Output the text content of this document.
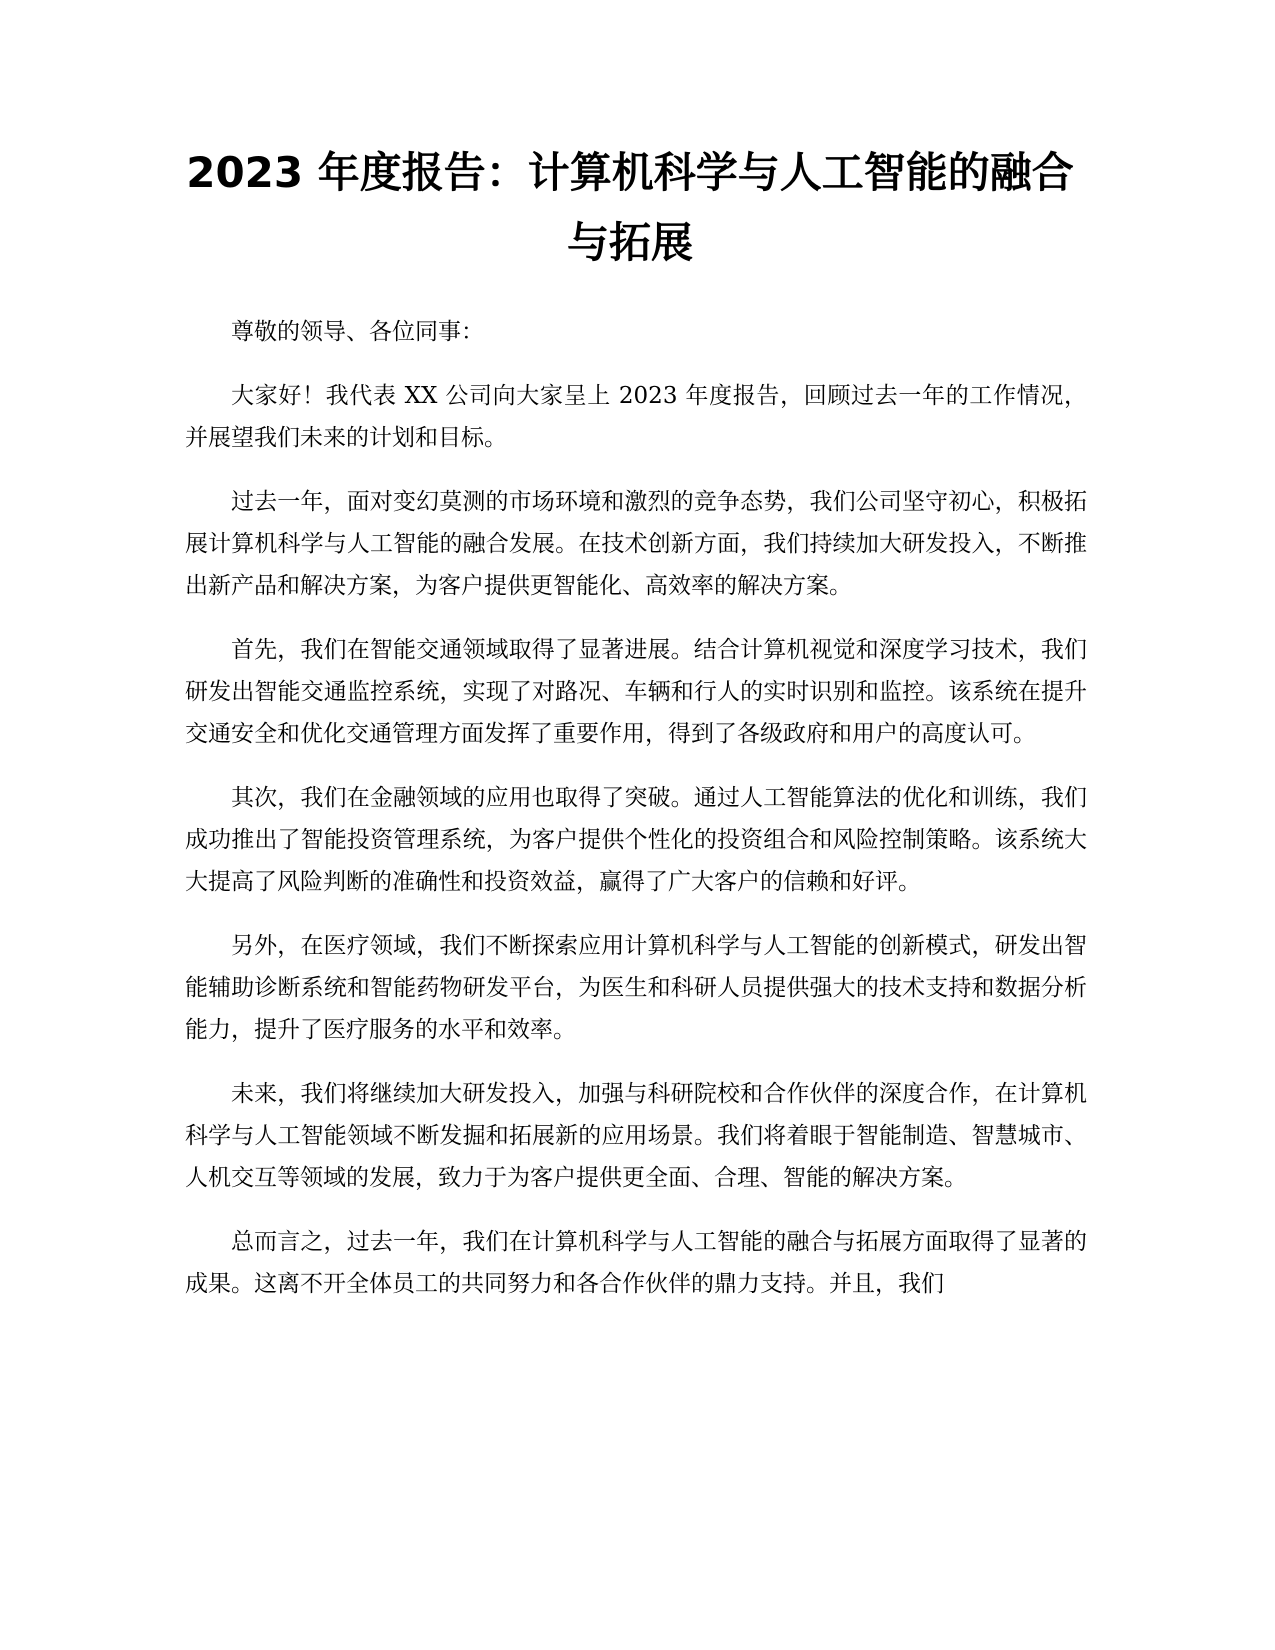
2023 年度报告：计算机科学与人工智能的融合与拓展

尊敬的领导、各位同事：

大家好！我代表 XX 公司向大家呈上 2023 年度报告，回顾过去一年的工作情况，并展望我们未来的计划和目标。

过去一年，面对变幻莫测的市场环境和激烈的竞争态势，我们公司坚守初心，积极拓展计算机科学与人工智能的融合发展。在技术创新方面，我们持续加大研发投入，不断推出新产品和解决方案，为客户提供更智能化、高效率的解决方案。

首先，我们在智能交通领域取得了显著进展。结合计算机视觉和深度学习技术，我们研发出智能交通监控系统，实现了对路况、车辆和行人的实时识别和监控。该系统在提升交通安全和优化交通管理方面发挥了重要作用，得到了各级政府和用户的高度认可。

其次，我们在金融领域的应用也取得了突破。通过人工智能算法的优化和训练，我们成功推出了智能投资管理系统，为客户提供个性化的投资组合和风险控制策略。该系统大大提高了风险判断的准确性和投资效益，赢得了广大客户的信赖和好评。

另外，在医疗领域，我们不断探索应用计算机科学与人工智能的创新模式，研发出智能辅助诊断系统和智能药物研发平台，为医生和科研人员提供强大的技术支持和数据分析能力，提升了医疗服务的水平和效率。

未来，我们将继续加大研发投入，加强与科研院校和合作伙伴的深度合作，在计算机科学与人工智能领域不断发掘和拓展新的应用场景。我们将着眼于智能制造、智慧城市、人机交互等领域的发展，致力于为客户提供更全面、合理、智能的解决方案。

总而言之，过去一年，我们在计算机科学与人工智能的融合与拓展方面取得了显著的成果。这离不开全体员工的共同努力和各合作伙伴的鼎力支持。并且，我们
